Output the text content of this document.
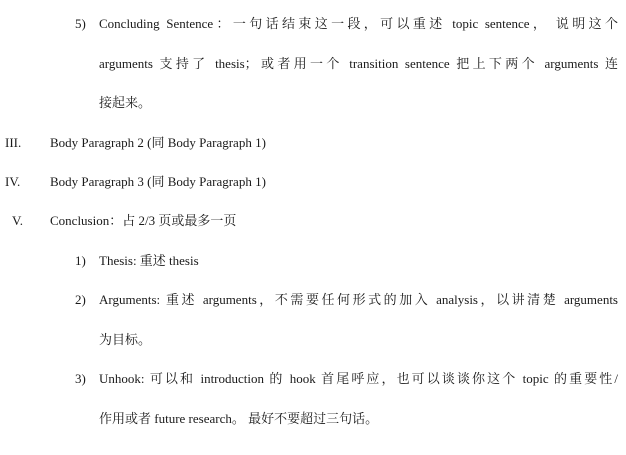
5) Concluding Sentence：一句话结束这一段，可以重述 topic sentence， 说明这个
arguments 支持了 thesis；或者用一个 transition sentence 把上下两个 arguments 连
接起来。
III. Body Paragraph 2 (同 Body Paragraph 1)
IV. Body Paragraph 3 (同 Body Paragraph 1)
V. Conclusion：占 2/3 页或最多一页
1) Thesis: 重述 thesis
2) Arguments: 重述 arguments，不需要任何形式的加入 analysis，以讲清楚 arguments
为目标。
3) Unhook: 可以和 introduction 的 hook 首尾呼应，也可以谈谈你这个 topic 的重要性/
作用或者 future research。 最好不要超过三句话。
